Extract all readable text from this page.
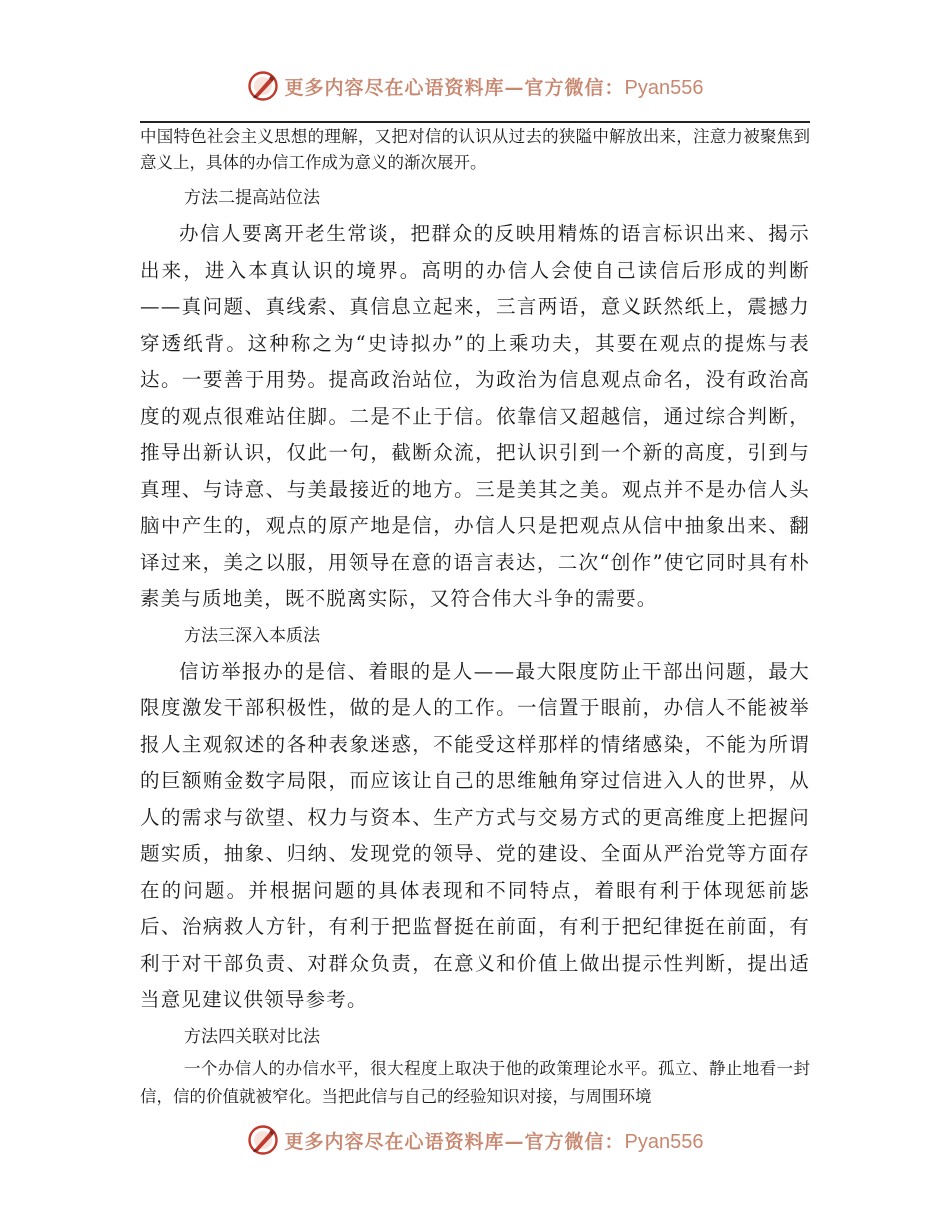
更多内容尽在心语资料库—官方微信：Pyan556

中国特色社会主义思想的理解，又把对信的认识从过去的狭隘中解放出来，注意力被聚焦到意义上，具体的办信工作成为意义的渐次展开。

方法二提高站位法

办信人要离开老生常谈，把群众的反映用精炼的语言标识出来、揭示出来，进入本真认识的境界。高明的办信人会使自己读信后形成的判断——真问题、真线索、真信息立起来，三言两语，意义跃然纸上，震撼力穿透纸背。这种称之为“史诗拟办”的上乘功夫，其要在观点的提炼与表达。一要善于用势。提高政治站位，为政治为信息观点命名，没有政治高度的观点很难站住脚。二是不止于信。依靠信又超越信，通过综合判断，推导出新认识，仅此一句，截断众流，把认识引到一个新的高度，引到与真理、与诗意、与美最接近的地方。三是美其之美。观点并不是办信人头脑中产生的，观点的原产地是信，办信人只是把观点从信中抽象出来、翻译过来，美之以服，用领导在意的语言表达，二次“创作”使它同时具有朴素美与质地美，既不脱离实际，又符合伟大斗争的需要。

方法三深入本质法

信访举报办的是信、着眼的是人——最大限度防止干部出问题，最大限度激发干部积极性，做的是人的工作。一信置于眼前，办信人不能被举报人主观叙述的各种表象迷惑，不能受这样那样的情绪感染，不能为所谓的巨额贿金数字局限，而应该让自己的思维触角穿过信进入人的世界，从人的需求与欲望、权力与资本、生产方式与交易方式的更高维度上把握问题实质，抽象、归纳、发现党的领导、党的建设、全面从严治党等方面存在的问题。并根据问题的具体表现和不同特点，着眼有利于体现惩前毖后、治病救人方针，有利于把监督挺在前面，有利于把纪律挺在前面，有利于对干部负责、对群众负责，在意义和价值上做出提示性判断，提出适当意见建议供领导参考。

方法四关联对比法

一个办信人的办信水平，很大程度上取决于他的政策理论水平。孤立、静止地看一封信，信的价值就被窄化。当把此信与自己的经验知识对接，与周围环境

更多内容尽在心语资料库—官方微信：Pyan556
